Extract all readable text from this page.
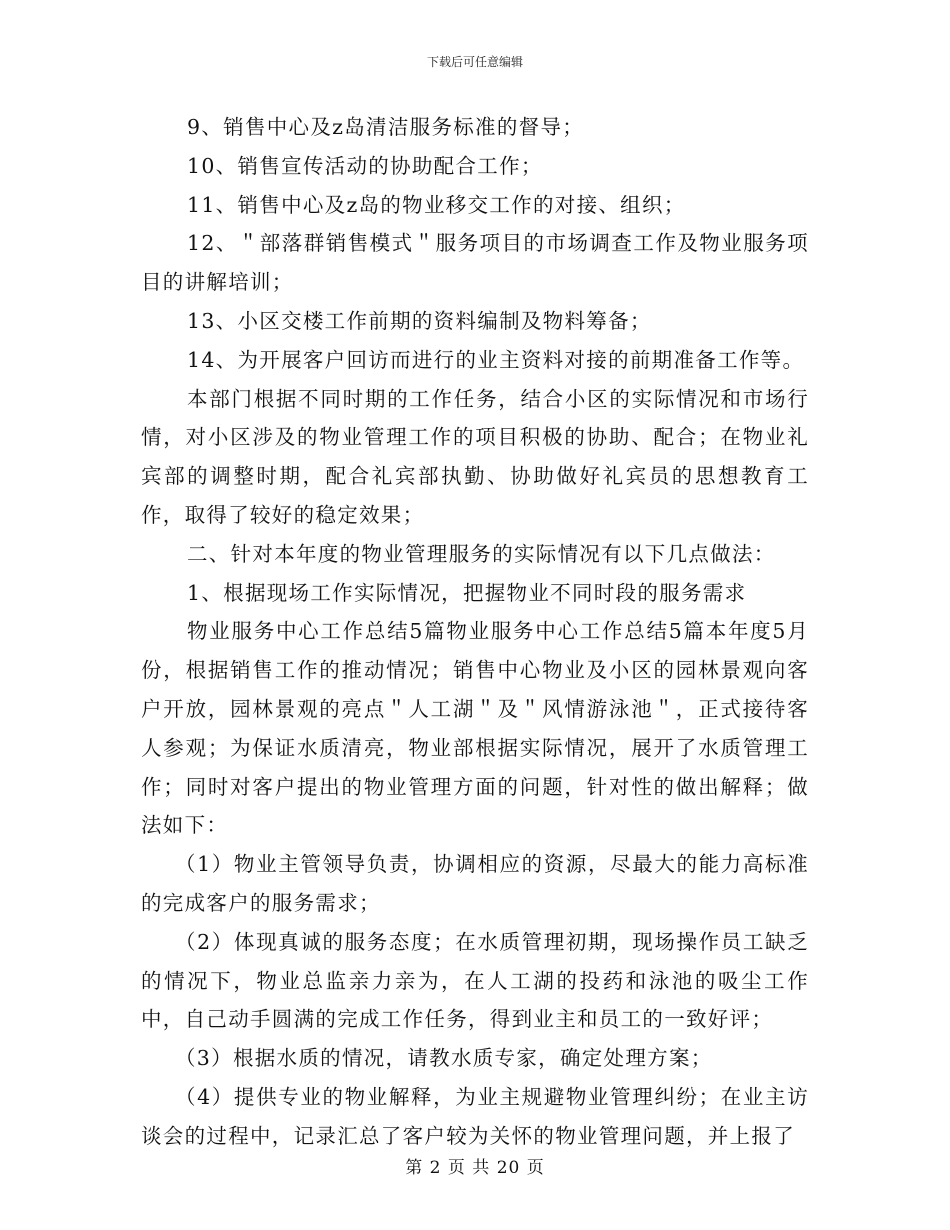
下载后可任意编辑

9、销售中心及z岛清洁服务标准的督导；

10、销售宣传活动的协助配合工作；

11、销售中心及z岛的物业移交工作的对接、组织；

12、＂部落群销售模式＂服务项目的市场调查工作及物业服务项目的讲解培训；

13、小区交楼工作前期的资料编制及物料筹备；

14、为开展客户回访而进行的业主资料对接的前期准备工作等。

本部门根据不同时期的工作任务，结合小区的实际情况和市场行情，对小区涉及的物业管理工作的项目积极的协助、配合；在物业礼宾部的调整时期，配合礼宾部执勤、协助做好礼宾员的思想教育工作，取得了较好的稳定效果；

二、针对本年度的物业管理服务的实际情况有以下几点做法：

1、根据现场工作实际情况，把握物业不同时段的服务需求

物业服务中心工作总结5篇物业服务中心工作总结5篇本年度5月份，根据销售工作的推动情况；销售中心物业及小区的园林景观向客户开放，园林景观的亮点＂人工湖＂及＂风情游泳池＂，正式接待客人参观；为保证水质清亮，物业部根据实际情况，展开了水质管理工作；同时对客户提出的物业管理方面的问题，针对性的做出解释；做法如下：

（1）物业主管领导负责，协调相应的资源，尽最大的能力高标准的完成客户的服务需求；

（2）体现真诚的服务态度；在水质管理初期，现场操作员工缺乏的情况下，物业总监亲力亲为，在人工湖的投药和泳池的吸尘工作中，自己动手圆满的完成工作任务，得到业主和员工的一致好评；

（3）根据水质的情况，请教水质专家，确定处理方案；

（4）提供专业的物业解释，为业主规避物业管理纠纷；在业主访谈会的过程中，记录汇总了客户较为关怀的物业管理问题，并上报了

第 2 页 共 20 页
